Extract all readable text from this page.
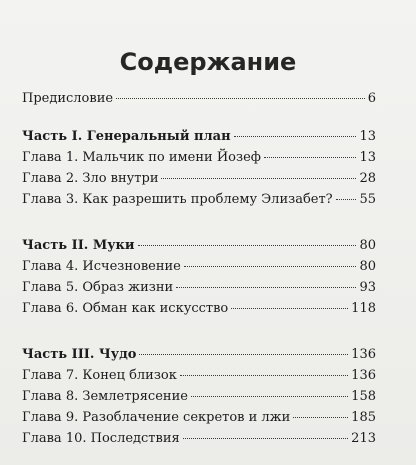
Содержание
Предисловие	6
Часть I. Генеральный план	13
Глава 1. Мальчик по имени Йозеф	13
Глава 2. Зло внутри	28
Глава 3. Как разрешить проблему Элизабет? 55
Часть II. Муки	80
Глава 4. Исчезновение	80
Глава 5. Образ жизни	93
Глава 6. Обман как искусство	118
Часть III. Чудо	136
Глава 7. Конец близок	136
Глава 8. Землетрясение	158
Глава 9. Разоблачение секретов и лжи	185
Глава 10. Последствия	213
